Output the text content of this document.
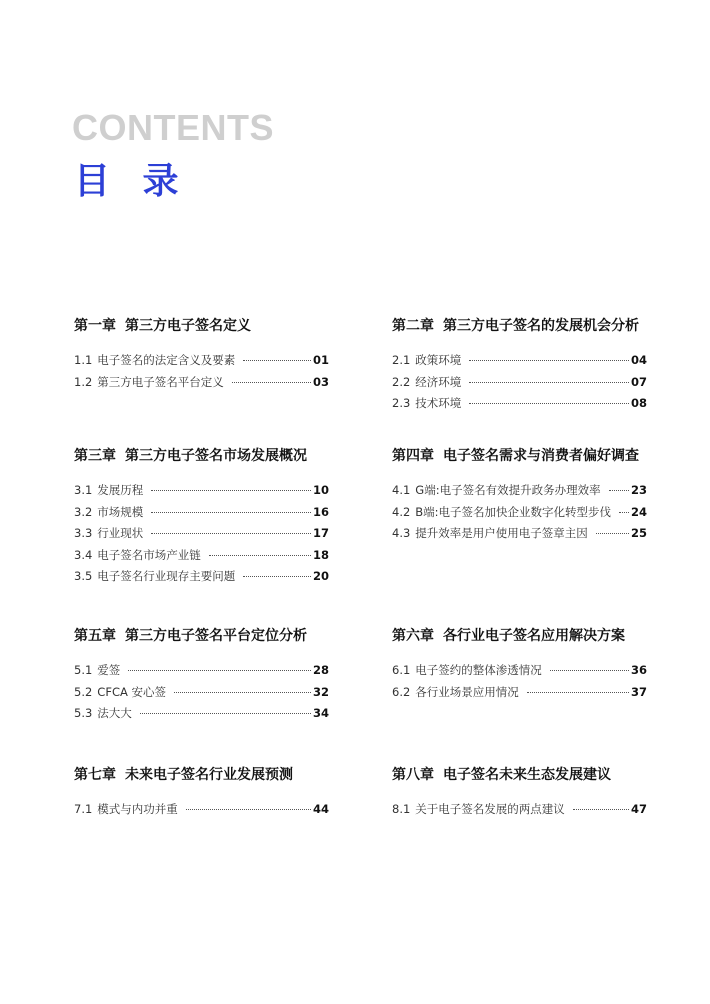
CONTENTS
目 录
第一章 第三方电子签名定义
1.1 电子签名的法定含义及要素	01
1.2 第三方电子签名平台定义	03
第二章 第三方电子签名的发展机会分析
2.1 政策环境	04
2.2 经济环境	07
2.3 技术环境	08
第三章 第三方电子签名市场发展概况
3.1 发展历程	10
3.2 市场规模	16
3.3 行业现状	17
3.4 电子签名市场产业链	18
3.5 电子签名行业现存主要问题	20
第四章 电子签名需求与消费者偏好调查
4.1 G端:电子签名有效提升政务办理效率	23
4.2 B端:电子签名加快企业数字化转型步伐 24
4.3 提升效率是用户使用电子签章主因	25
第五章 第三方电子签名平台定位分析
5.1 爱签	28
5.2 CFCA 安心签	32
5.3 法大大	34
第六章 各行业电子签名应用解决方案
6.1 电子签约的整体渗透情况	36
6.2 各行业场景应用情况	37
第七章 未来电子签名行业发展预测
7.1 模式与内功并重	44
第八章 电子签名未来生态发展建议
8.1 关于电子签名发展的两点建议	47
